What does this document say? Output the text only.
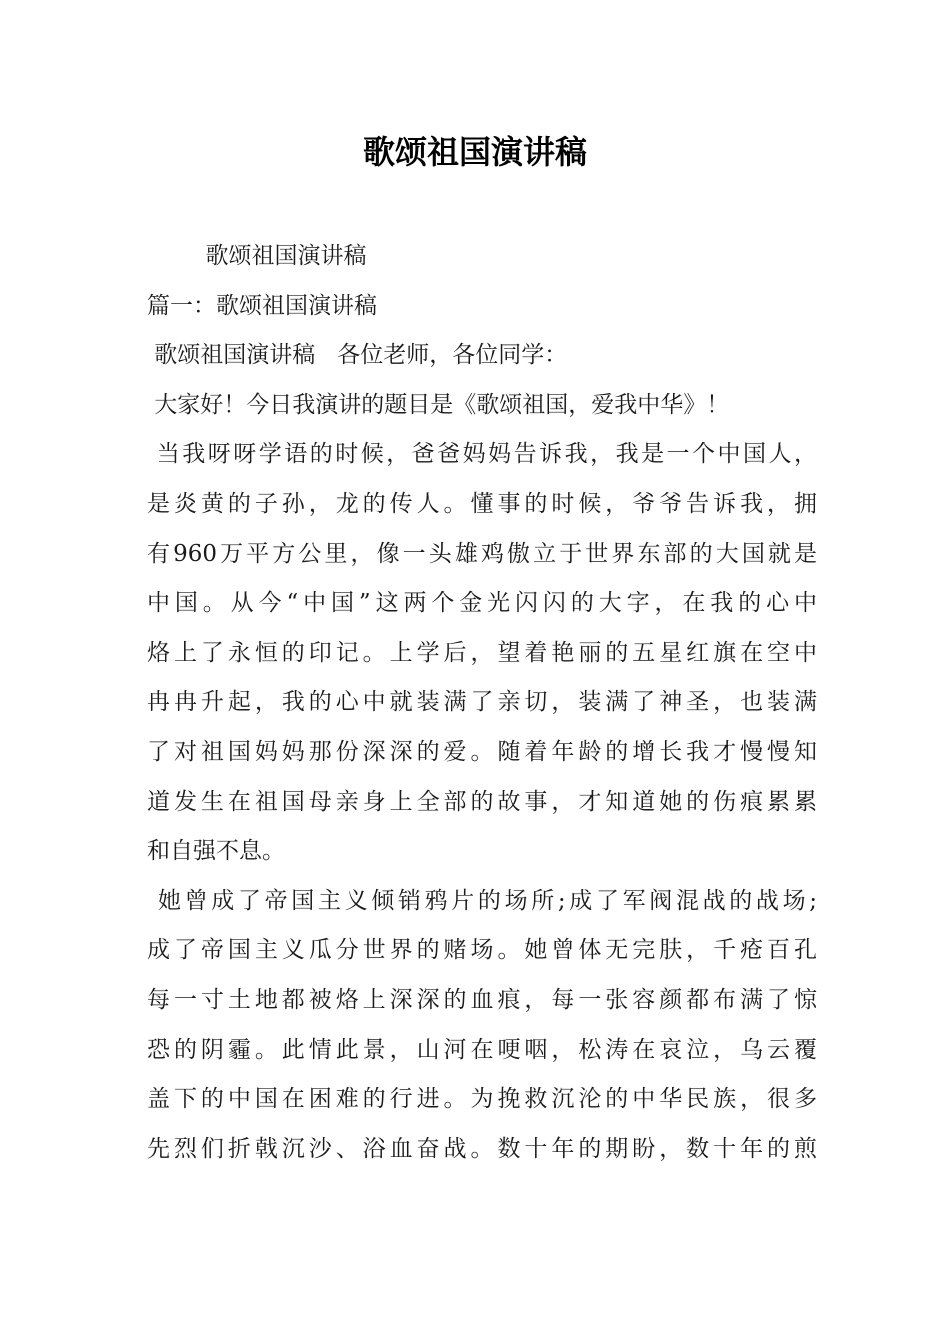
歌颂祖国演讲稿

歌颂祖国演讲稿

篇一：歌颂祖国演讲稿

歌颂祖国演讲稿   各位老师，各位同学：

大家好！今日我演讲的题目是《歌颂祖国，爱我中华》！

当我呀呀学语的时候，爸爸妈妈告诉我，我是一个中国人，

是炎黄的子孙，龙的传人。懂事的时候，爷爷告诉我，拥

有960万平方公里，像一头雄鸡傲立于世界东部的大国就是

中国。从今“中国”这两个金光闪闪的大字，在我的心中

烙上了永恒的印记。上学后，望着艳丽的五星红旗在空中

冉冉升起，我的心中就装满了亲切，装满了神圣，也装满

了对祖国妈妈那份深深的爱。随着年龄的增长我才慢慢知

道发生在祖国母亲身上全部的故事，才知道她的伤痕累累

和自强不息。

她曾成了帝国主义倾销鸦片的场所;成了军阀混战的战场;

成了帝国主义瓜分世界的赌场。她曾体无完肤，千疮百孔

每一寸土地都被烙上深深的血痕，每一张容颜都布满了惊

恐的阴霾。此情此景，山河在哽咽，松涛在哀泣，乌云覆

盖下的中国在困难的行进。为挽救沉沦的中华民族，很多

先烈们折戟沉沙、浴血奋战。数十年的期盼，数十年的煎
